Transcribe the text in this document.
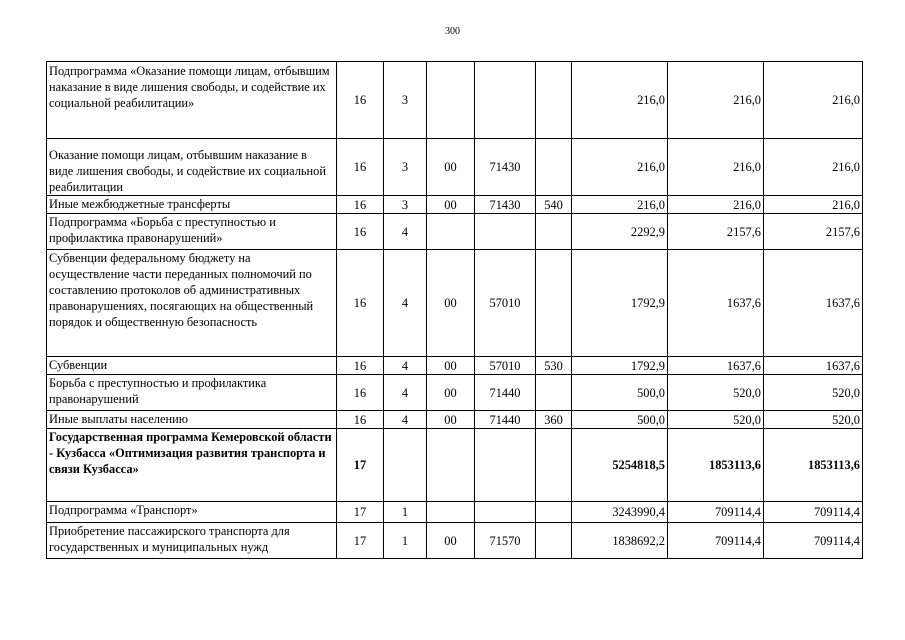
300
Подпрограмма «Оказание помощи лицам, отбывшим наказание в виде лишения свободы, и содействие их социальной реабилитации»	16	3				216,0	216,0	216,0
Оказание помощи лицам, отбывшим наказание в виде лишения свободы, и содействие их социальной реабилитации	16	3	00	71430		216,0	216,0	216,0
Иные межбюджетные трансферты	16	3	00	71430	540	216,0	216,0	216,0
Подпрограмма «Борьба с преступностью и профилактика правонарушений»	16	4				2292,9	2157,6	2157,6
Субвенции федеральному бюджету на осуществление части переданных полномочий по составлению протоколов об административных правонарушениях, посягающих на общественный порядок и общественную безопасность	16	4	00	57010		1792,9	1637,6	1637,6
Субвенции	16	4	00	57010	530	1792,9	1637,6	1637,6
Борьба с преступностью и профилактика правонарушений	16	4	00	71440		500,0	520,0	520,0
Иные выплаты населению	16	4	00	71440	360	500,0	520,0	520,0
Государственная программа Кемеровской области - Кузбасса «Оптимизация развития транспорта и связи Кузбасса»	17					5254818,5	1853113,6	1853113,6
Подпрограмма «Транспорт»	17	1				3243990,4	709114,4	709114,4
Приобретение пассажирского транспорта для государственных и муниципальных нужд	17	1	00	71570		1838692,2	709114,4	709114,4
